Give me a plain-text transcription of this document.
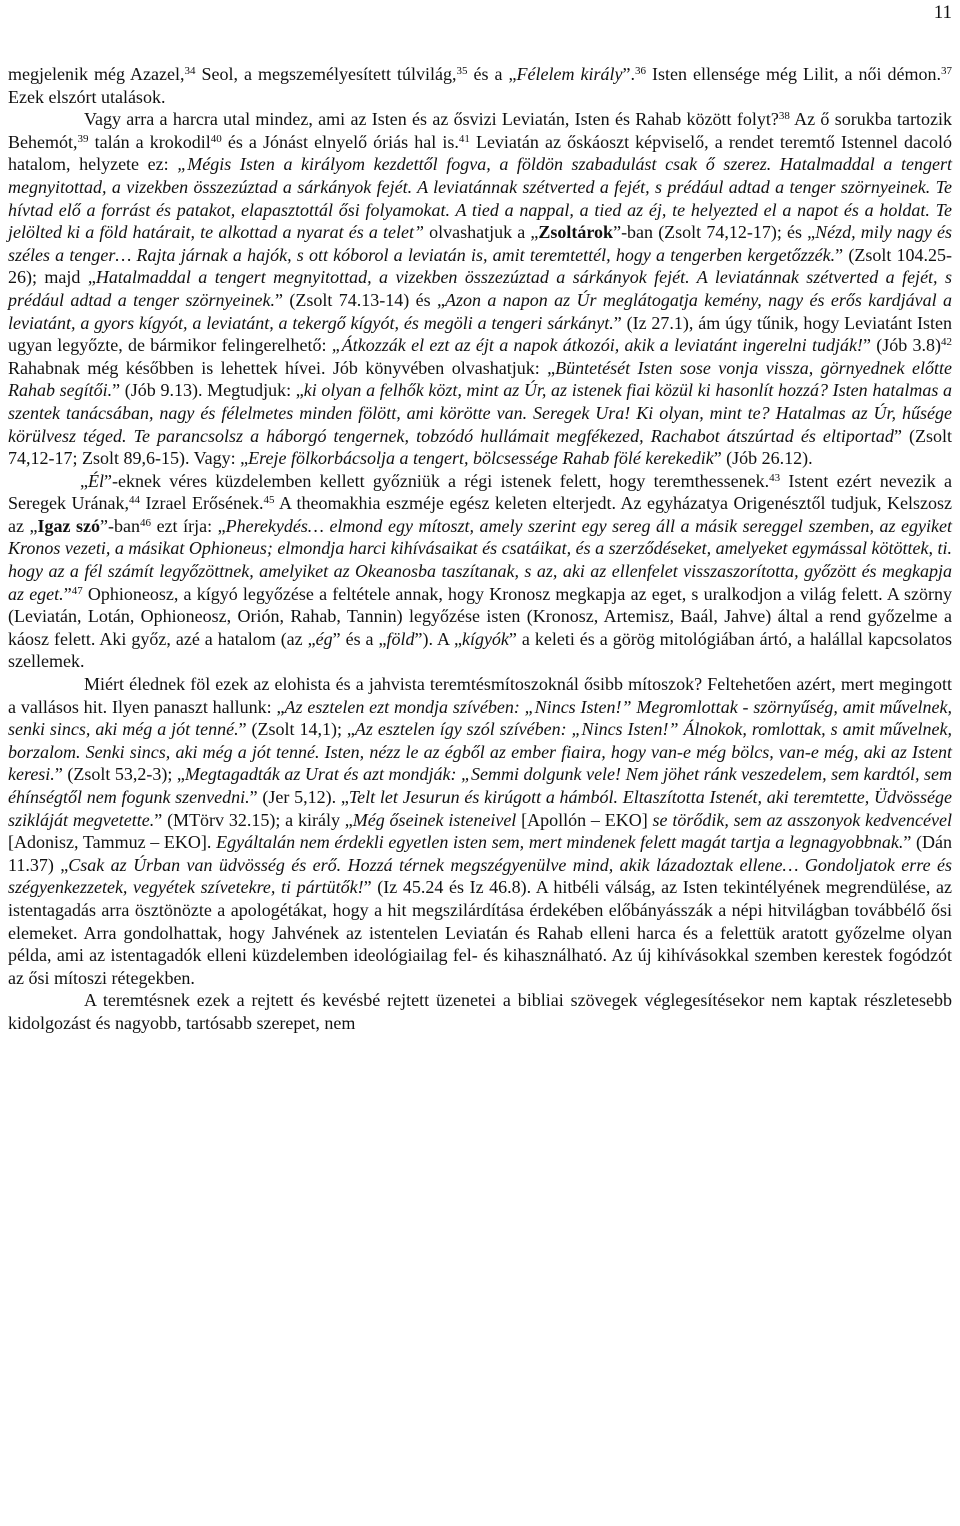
11

megjelenik még Azazel,$^{34}$ Seol, a megszemélyesített túlvilág,$^{35}$ és a „Félelem király”.$^{36}$ Isten ellensége még Lilit, a női démon.$^{37}$ Ezek elszórt utalások.

Vagy arra a harcra utal mindez, ami az Isten és az ősvizi Leviatán, Isten és Rahab között folyt?$^{38}$ Az ő sorukba tartozik Behemót,$^{39}$ talán a krokodil$^{40}$ és a Jónást elnyelő óriás hal is.$^{41}$ Leviatán az őskáoszt képviselő, a rendet teremtő Istennel dacoló hatalom, helyzete ez: „Mégis Isten a királyom kezdettől fogva, a földön szabadulást csak ő szerez. Hatalmaddal a tengert megnyitottad, a vizekben összezúztad a sárkányok fejét. A leviatánnak szétverted a fejét, s prédául adtad a tenger szörnyeinek. Te hívtad elő a forrást és patakot, elapasztottál ősi folyamokat. A tied a nappal, a tied az éj, te helyezted el a napot és a holdat. Te jelölted ki a föld határait, te alkottad a nyarat és a telet” olvashatjuk a „Zsoltárok”-ban (Zsolt 74,12-17); és „Nézd, mily nagy és széles a tenger… Rajta járnak a hajók, s ott kóborol a leviatán is, amit teremtettél, hogy a tengerben kergetőzzék.” (Zsolt 104.25-26); majd „Hatalmaddal a tengert megnyitottad, a vizekben összezúztad a sárkányok fejét. A leviatánnak szétverted a fejét, s prédául adtad a tenger szörnyeinek.” (Zsolt 74.13-14) és „Azon a napon az Úr meglátogatja kemény, nagy és erős kardjával a leviatánt, a gyors kígyót, a leviatánt, a tekergő kígyót, és megöli a tengeri sárkányt.” (Iz 27.1), ám úgy tűnik, hogy Leviatánt Isten ugyan legyőzte, de bármikor felingerelhető: „Átkozzák el ezt az éjt a napok átkozói, akik a leviatánt ingerelni tudják!” (Jób 3.8)$^{42}$ Rahabnak még későbben is lehettek hívei. Jób könyvében olvashatjuk: „Büntetését Isten sose vonja vissza, görnyednek előtte Rahab segítői.” (Jób 9.13). Megtudjuk: „ki olyan a felhők közt, mint az Úr, az istenek fiai közül ki hasonlít hozzá? Isten hatalmas a szentek tanácsában, nagy és félelmetes minden fölött, ami körötte van. Seregek Ura! Ki olyan, mint te? Hatalmas az Úr, hűsége körülvesz téged. Te parancsolsz a háborgó tengernek, tobzódó hullámait megfékezed, Rachabot átszúrtad és eltiportad” (Zsolt 74,12-17; Zsolt 89,6-15). Vagy: „Ereje fölkorbácsolja a tengert, bölcsessége Rahab fölé kerekedik” (Jób 26.12).

„Él”-eknek véres küzdelemben kellett győzniük a régi istenek felett, hogy teremthessenek.$^{43}$ Istent ezért nevezik a Seregek Urának,$^{44}$ Izrael Erősének.$^{45}$ A theomakhia eszméje egész keleten elterjedt. Az egyházatya Origenésztől tudjuk, Kelszosz az „Igaz szó”-ban$^{46}$ ezt írja: „Pherekydés… elmond egy mítoszt, amely szerint egy sereg áll a másik sereggel szemben, az egyiket Kronos vezeti, a másikat Ophioneus; elmondja harci kihívásaikat és csatáikat, és a szerződéseket, amelyeket egymással kötöttek, ti. hogy az a fél számít legyőzöttnek, amelyiket az Okeanosba taszítanak, s az, aki az ellenfelet visszaszorította, győzött és megkapja az eget.”$^{47}$ Ophioneosz, a kígyó legyőzése a feltétele annak, hogy Kronosz megkapja az eget, s uralkodjon a világ felett. A szörny (Leviatán, Lotán, Ophioneosz, Orión, Rahab, Tannin) legyőzése isten (Kronosz, Artemisz, Baál, Jahve) által a rend győzelme a káosz felett. Aki győz, azé a hatalom (az „ég” és a „föld”). A „kígyók” a keleti és a görög mitológiában ártó, a halállal kapcsolatos szellemek.

Miért élednek föl ezek az elohista és a jahvista teremtésmítoszoknál ősibb mítoszok? Feltehetően azért, mert megingott a vallásos hit. Ilyen panaszt hallunk: „Az esztelen ezt mondja szívében: „Nincs Isten!” Megromlottak - szörnyűség, amit művelnek, senki sincs, aki még a jót tenné.” (Zsolt 14,1); „Az esztelen így szól szívében: „Nincs Isten!” Álnokok, romlottak, s amit művelnek, borzalom. Senki sincs, aki még a jót tenné. Isten, nézz le az égből az ember fiaira, hogy van-e még bölcs, van-e még, aki az Istent keresi.” (Zsolt 53,2-3); „Megtagadták az Urat és azt mondják: „Semmi dolgunk vele! Nem jöhet ránk veszedelem, sem kardtól, sem éhínségtől nem fogunk szenvedni.” (Jer 5,12). „Telt let Jesurun és kirúgott a hámból. Eltaszította Istenét, aki teremtette, Üdvössége szikláját megvetette.” (MTörv 32.15); a király „Még őseinek isteneivel [Apollón – EKO] se törődik, sem az asszonyok kedvencével [Adonisz, Tammuz – EKO]. Egyáltalán nem érdekli egyetlen isten sem, mert mindenek felett magát tartja a legnagyobbnak.” (Dán 11.37) „Csak az Úrban van üdvösség és erő. Hozzá térnek megszégyenülve mind, akik lázadoztak ellene… Gondoljatok erre és szégyenkezzetek, vegyétek szívetekre, ti pártütők!” (Iz 45.24 és Iz 46.8). A hitbéli válság, az Isten tekintélyének megrendülése, az istentagadás arra ösztönözte a apologétákat, hogy a hit megszilárdítása érdekében előbányásszák a népi hitvilágban továbbélő ősi elemeket. Arra gondolhattak, hogy Jahvének az istentelen Leviatán és Rahab elleni harca és a felettük aratott győzelme olyan példa, ami az istentagadók elleni küzdelemben ideológiailag fel- és kihasználható. Az új kihívásokkal szemben kerestek fogódzót az ősi mítoszi rétegekben.

A teremtésnek ezek a rejtett és kevésbé rejtett üzenetei a bibliai szövegek véglegesítésekor nem kaptak részletesebb kidolgozást és nagyobb, tartósabb szerepet, nem
